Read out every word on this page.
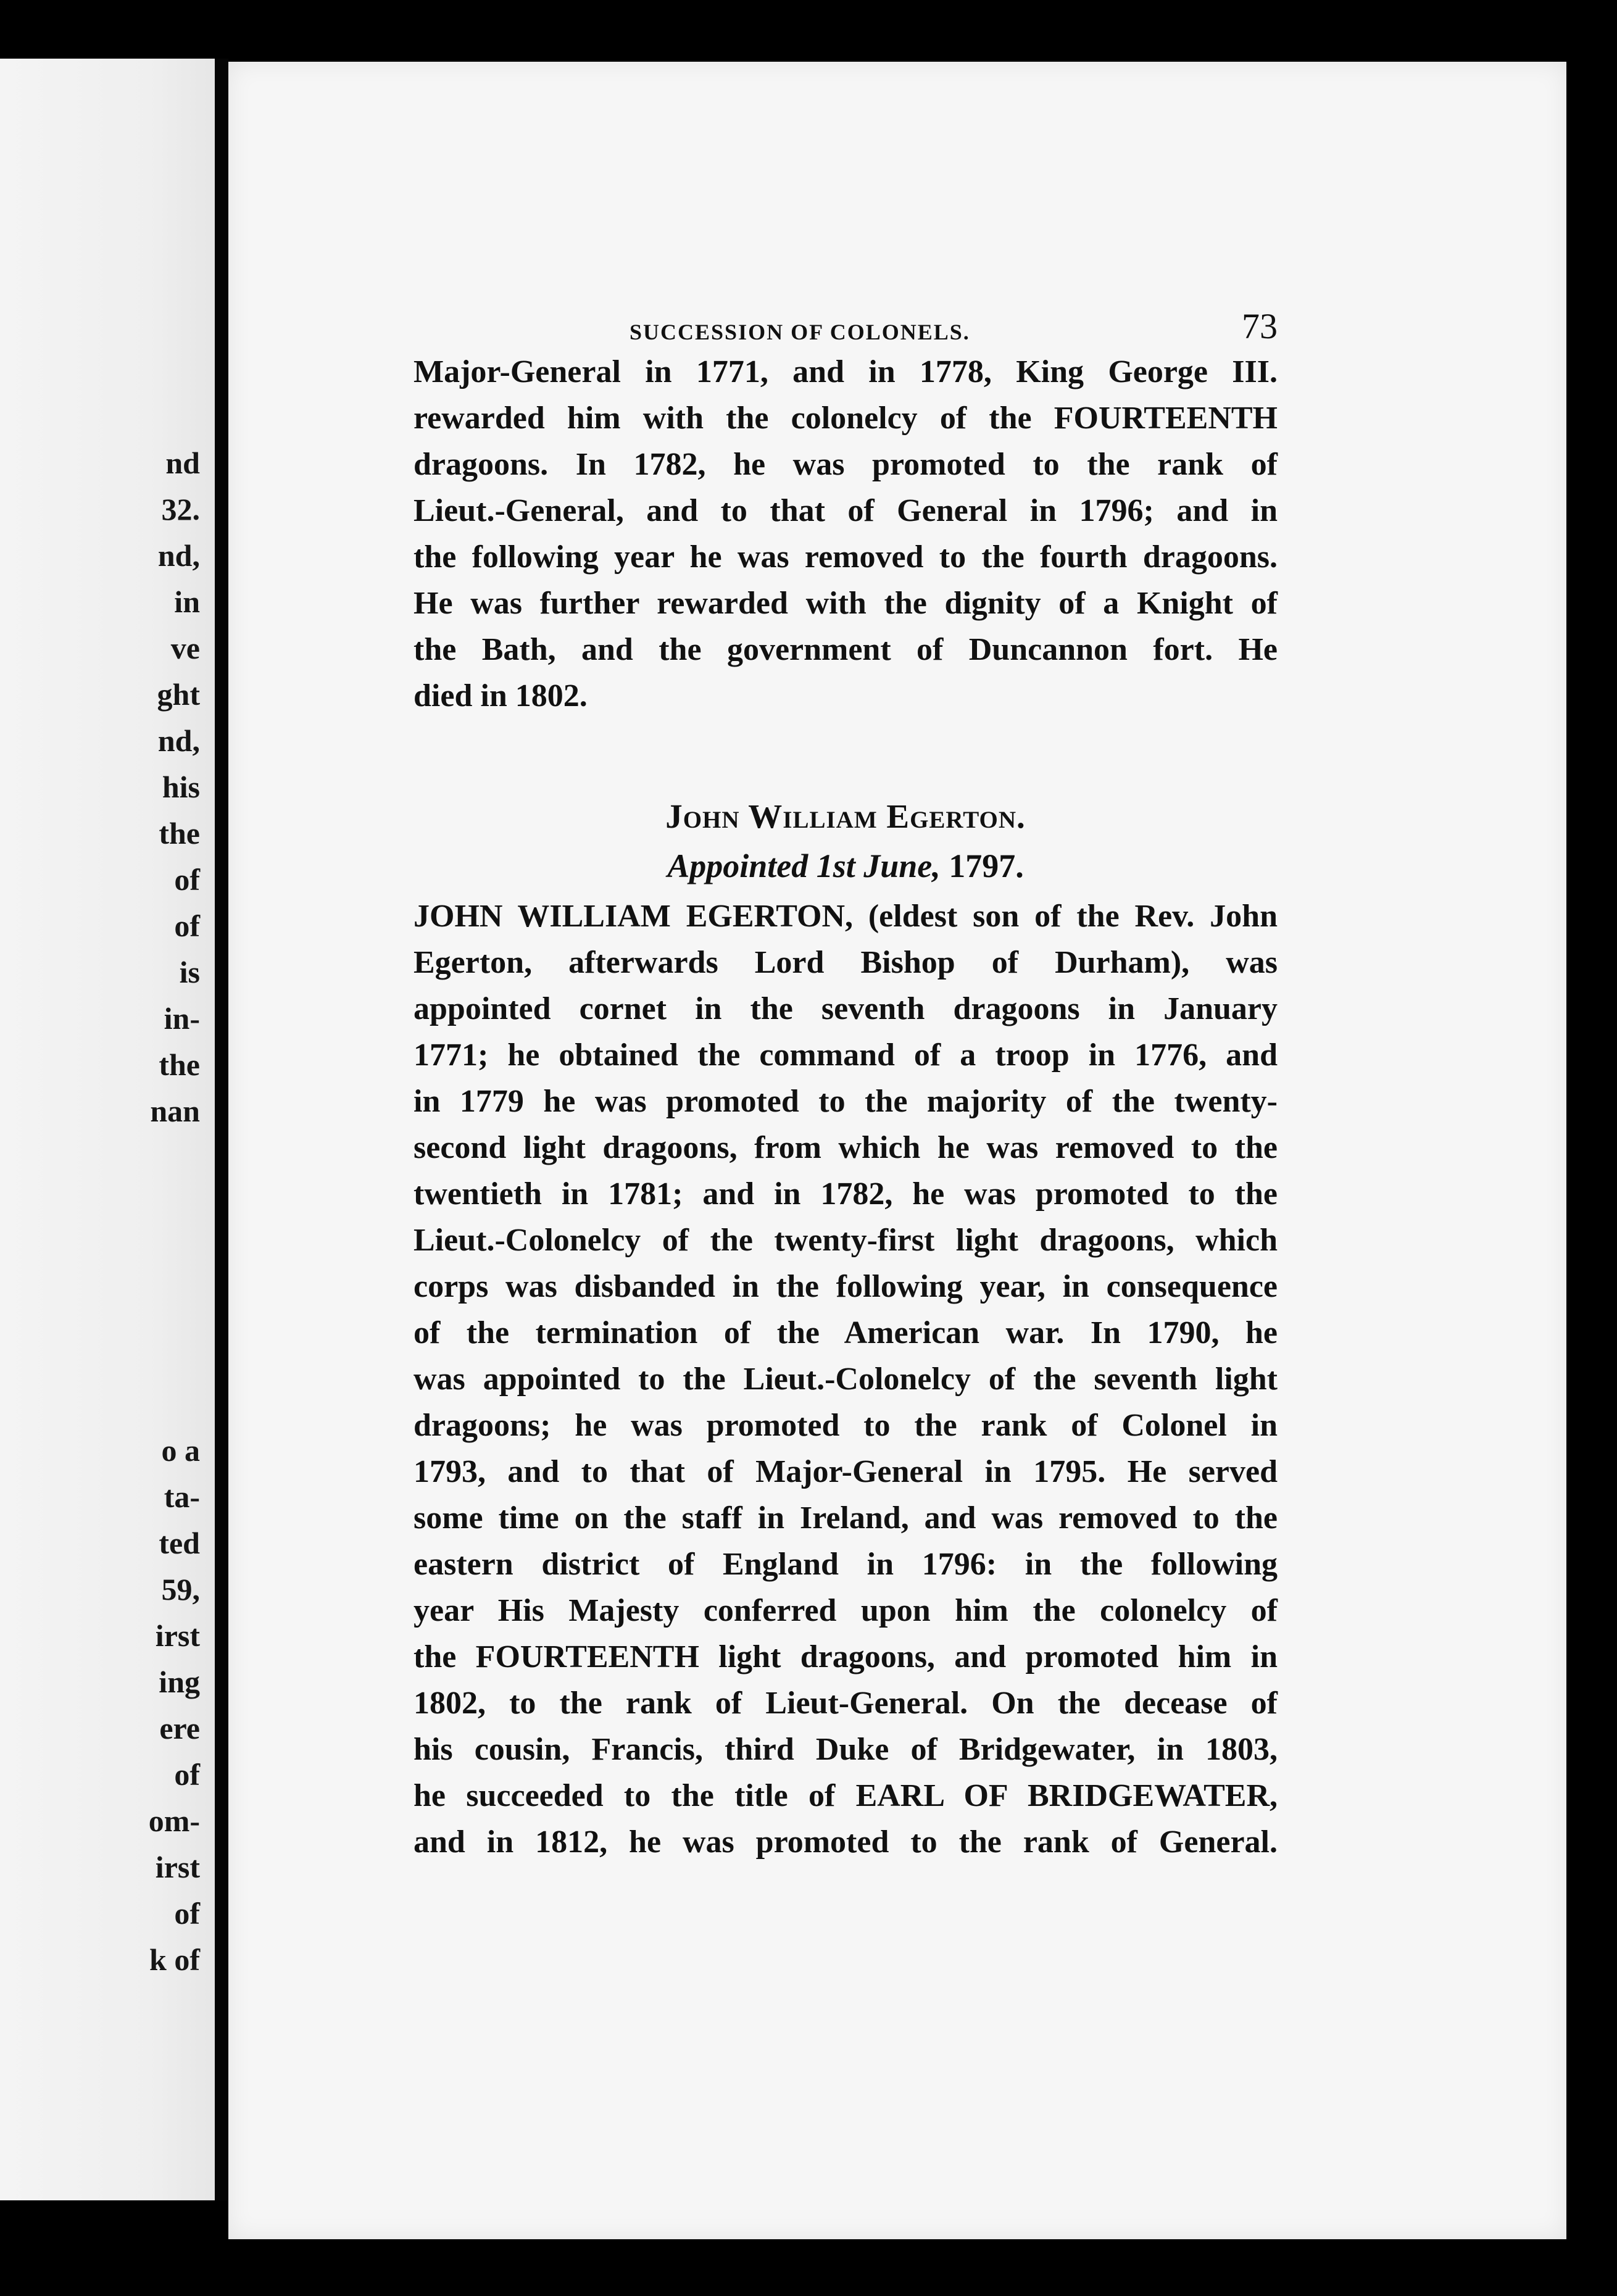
nd
32.
nd,
in
ve
ght
nd,
his
the
of
of
is
in-
the
nan
o a
ta-
ted
59,
irst
ing
ere
of
om-
irst
of
k of
SUCCESSION OF COLONELS.	73
Major-General in 1771, and in 1778, King George III.
rewarded him with the colonelcy of the FOURTEENTH
dragoons. In 1782, he was promoted to the rank of
Lieut.-General, and to that of General in 1796; and in
the following year he was removed to the fourth dragoons.
He was further rewarded with the dignity of a Knight of
the Bath, and the government of Duncannon fort. He
died in 1802.
John William Egerton.
Appointed 1st June, 1797.
JOHN WILLIAM EGERTON, (eldest son of the Rev. John
Egerton, afterwards Lord Bishop of Durham), was
appointed cornet in the seventh dragoons in January
1771; he obtained the command of a troop in 1776, and
in 1779 he was promoted to the majority of the twenty-
second light dragoons, from which he was removed to the
twentieth in 1781; and in 1782, he was promoted to the
Lieut.-Colonelcy of the twenty-first light dragoons, which
corps was disbanded in the following year, in consequence
of the termination of the American war. In 1790, he
was appointed to the Lieut.-Colonelcy of the seventh light
dragoons; he was promoted to the rank of Colonel in
1793, and to that of Major-General in 1795. He served
some time on the staff in Ireland, and was removed to the
eastern district of England in 1796: in the following
year His Majesty conferred upon him the colonelcy of
the FOURTEENTH light dragoons, and promoted him in
1802, to the rank of Lieut-General. On the decease of
his cousin, Francis, third Duke of Bridgewater, in 1803,
he succeeded to the title of EARL OF BRIDGEWATER,
and in 1812, he was promoted to the rank of General.
